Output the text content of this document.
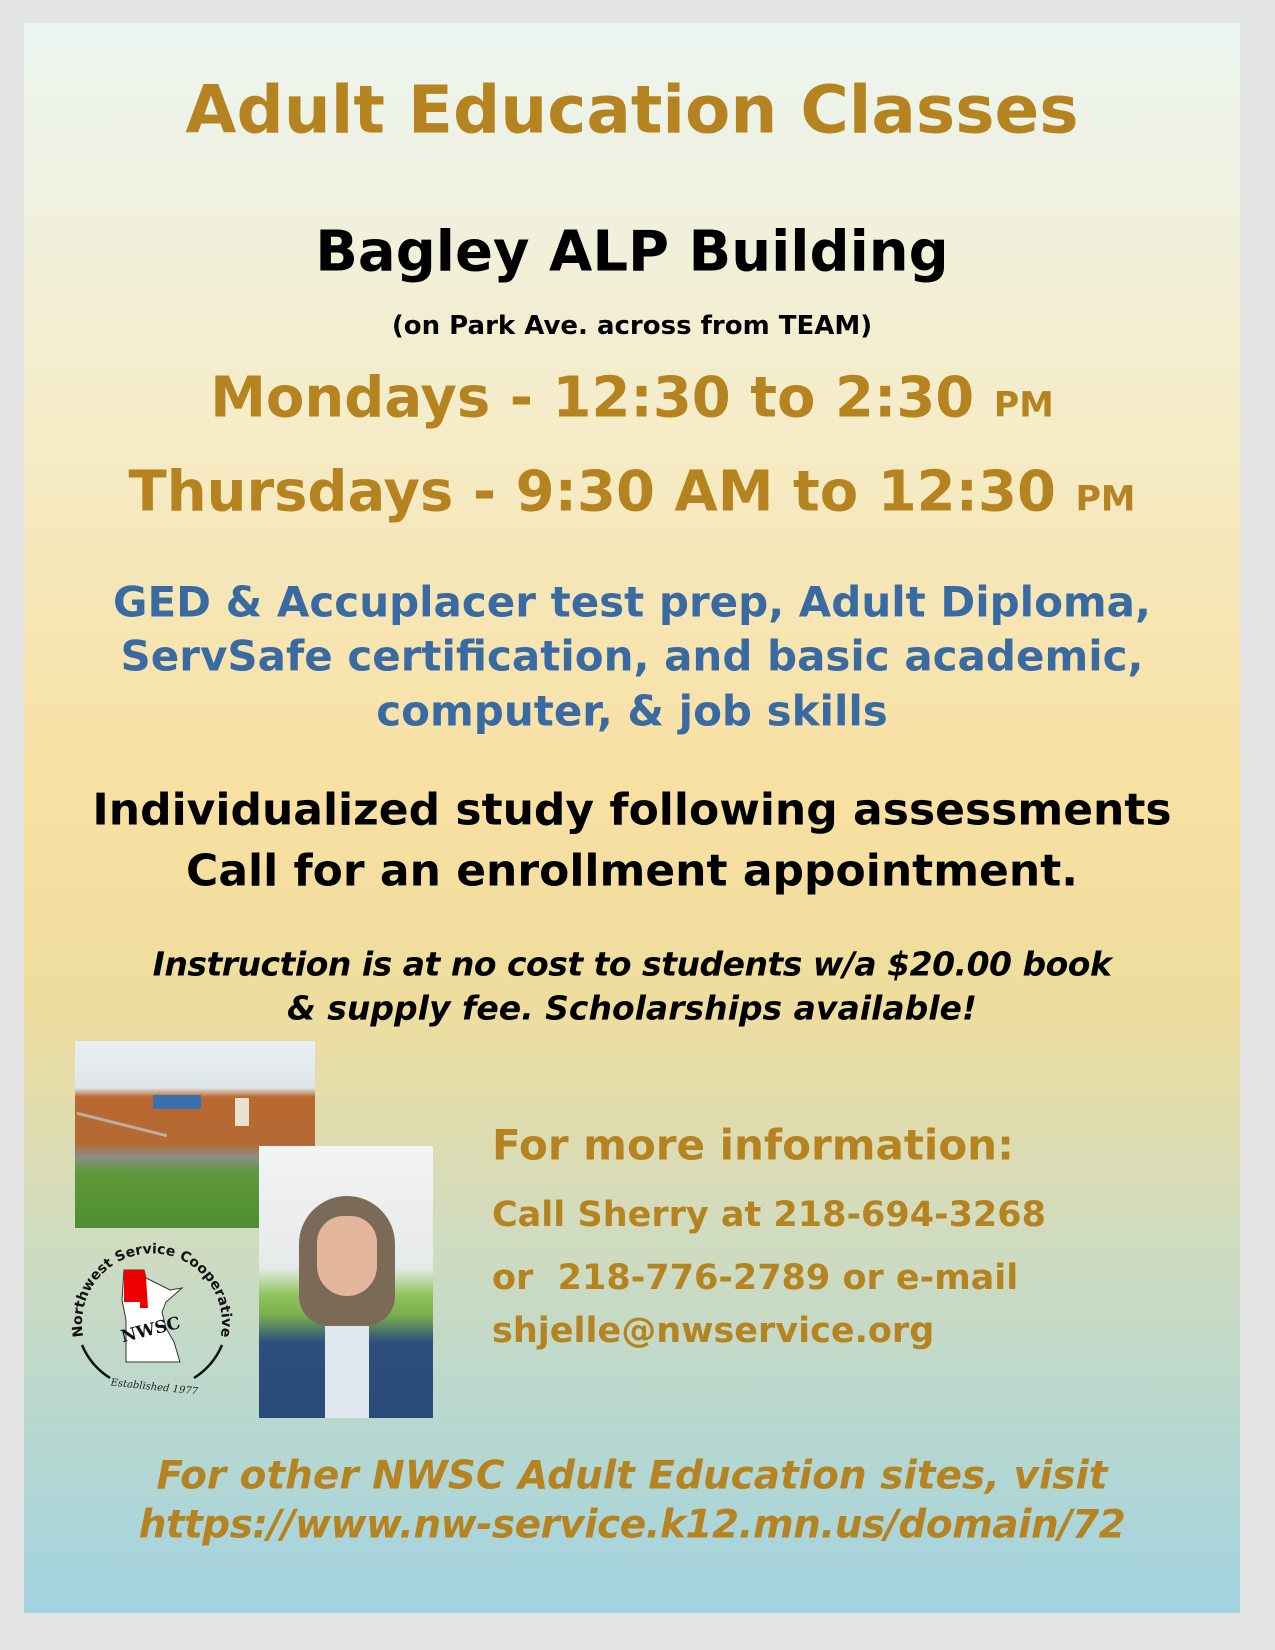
Adult Education Classes
Bagley ALP Building
(on Park Ave. across from TEAM)
Mondays - 12:30 to 2:30 PM
Thursdays - 9:30 AM to 12:30 PM
GED & Accuplacer test prep, Adult Diploma,
ServSafe certification, and basic academic,
computer, & job skills
Individualized study following assessments
Call for an enrollment appointment.
Instruction is at no cost to students w/a $20.00 book
& supply fee. Scholarships available!
Northwest Service Cooperative
NWSC
Established 1977
For more information:
Call Sherry at 218-694-3268
or  218-776-2789 or e-mail
shjelle@nwservice.org
For other NWSC Adult Education sites, visit
https://www.nw-service.k12.mn.us/domain/72
